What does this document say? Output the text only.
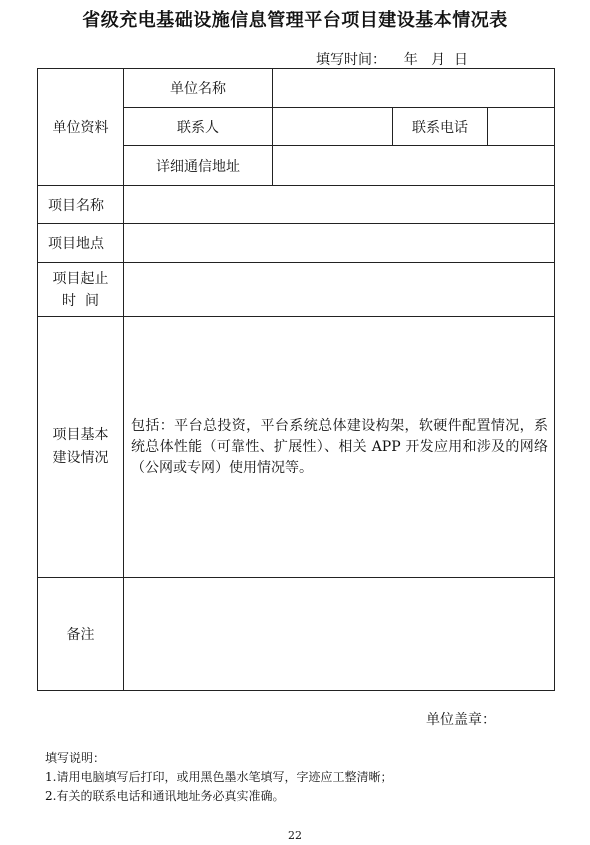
省级充电基础设施信息管理平台项目建设基本情况表
填写时间：    年   月  日
单位资料	单位名称			
	联系人		联系电话	
	详细通信地址			
项目名称				
项目地点				

项目起止
时  间				

项目基本
建设情况	包括：平台总投资，平台系统总体建设构架，软硬件配置情况，系统总体性能（可靠性、扩展性）、相关 APP 开发应用和涉及的网络（公网或专网）使用情况等。			
备注				
单位盖章：
填写说明：
1.请用电脑填写后打印，或用黑色墨水笔填写，字迹应工整清晰；
2.有关的联系电话和通讯地址务必真实准确。
22
